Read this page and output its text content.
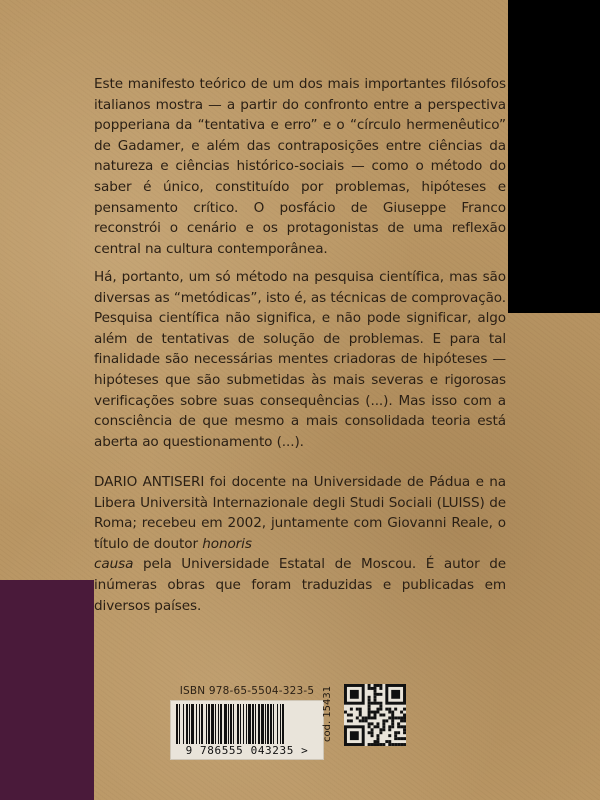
Este manifesto teórico de um dos mais importantes filósofos italianos mostra — a partir do confronto entre a perspectiva popperiana da “tentativa e erro” e o “círculo hermenêutico” de Gadamer, e além das contraposições entre ciências da natureza e ciências histórico-sociais — como o método do saber é único, constituído por problemas, hipóteses e pensamento crítico. O posfácio de Giuseppe Franco reconstrói o cenário e os protagonistas de uma reflexão central na cultura contemporânea.

Há, portanto, um só método na pesquisa científica, mas são diversas as “metódicas”, isto é, as técnicas de comprovação. Pesquisa científica não significa, e não pode significar, algo além de tentativas de solução de problemas. E para tal finalidade são necessárias mentes criadoras de hipóteses — hipóteses que são submetidas às mais severas e rigorosas verificações sobre suas consequências (...). Mas isso com a consciência de que mesmo a mais consolidada teoria está aberta ao questionamento (...).

DARIO ANTISERI foi docente na Universidade de Pádua e na Libera Università Internazionale degli Studi Sociali (LUISS) de Roma; recebeu em 2002, juntamente com Giovanni Reale, o título de doutor honoris
causa pela Universidade Estatal de Moscou. É autor de inúmeras obras que foram traduzidas e publicadas em diversos países.

ISBN 978-65-5504-323-5
9 786555 043235 >
cod. 15431
